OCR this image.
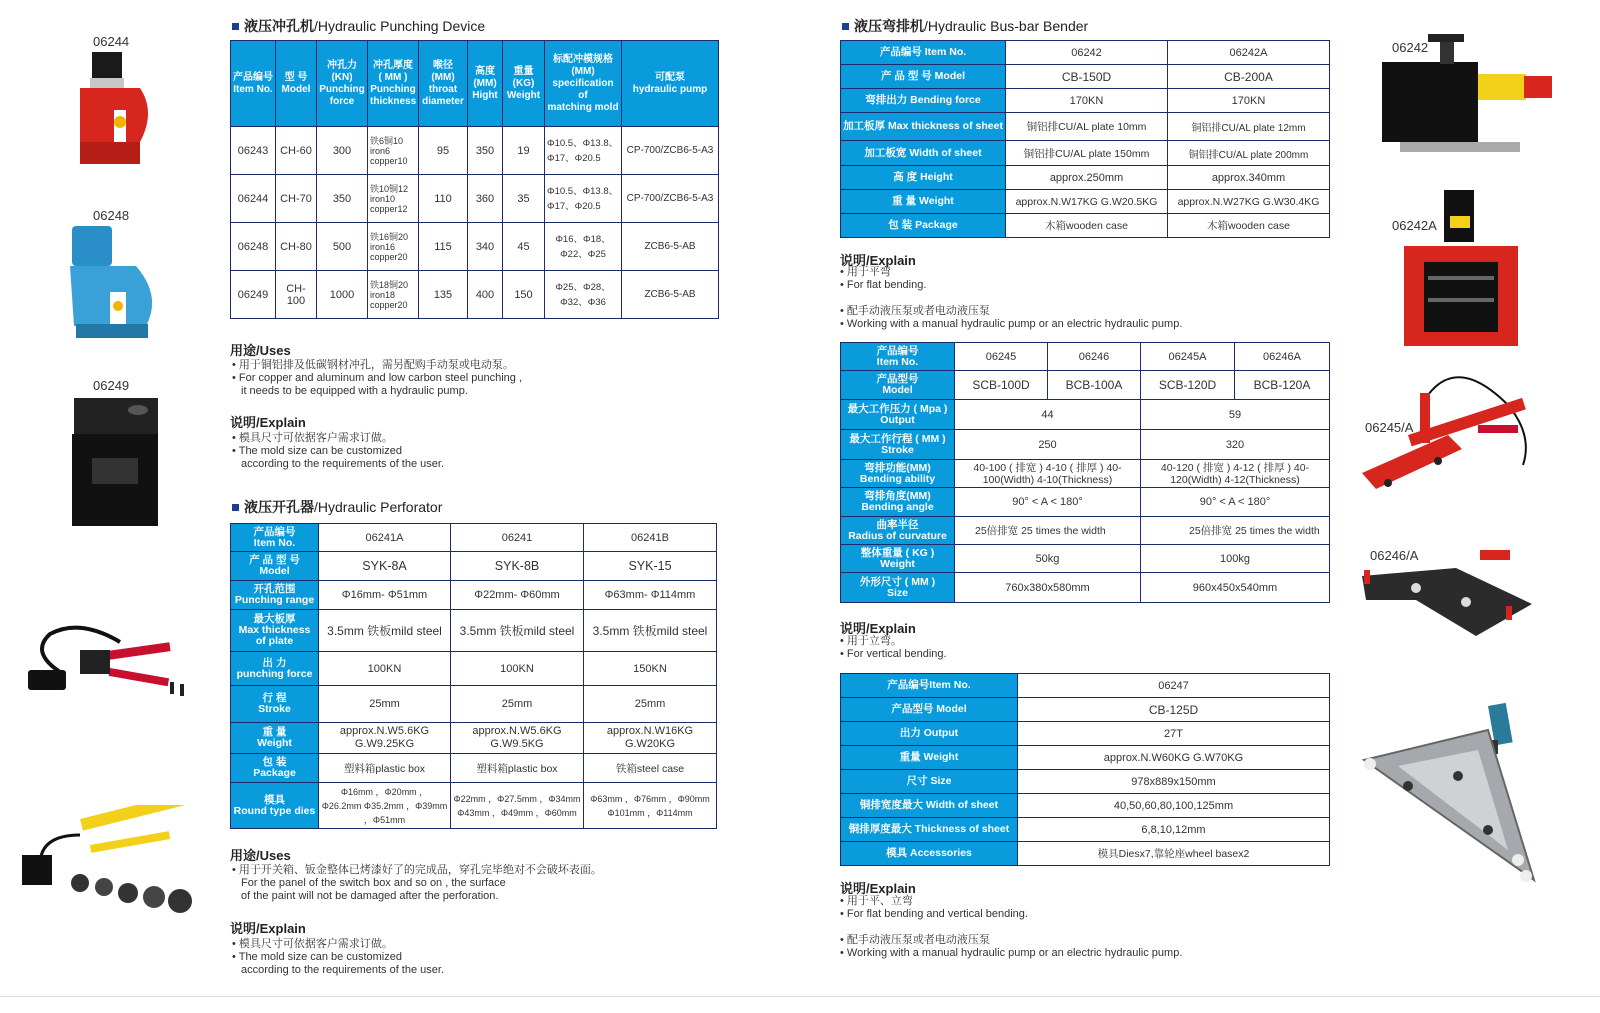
液压冲孔机/Hydraulic Punching Device
产品编号
Item No.	型 号
Model	冲孔力
(KN)
Punching
force	冲孔厚度
( MM )
Punching
thickness	喉径
(MM)
throat
diameter	高度
(MM)
Hight	重量
(KG)
Weight	标配冲模规格
(MM)
specification of
matching mold	可配泵
hydraulic pump
06243	CH-60	300	铁6铜10
iron6
copper10	95	350	19	Φ10.5、Φ13.8、
Φ17、Φ20.5	CP-700/ZCB6-5-A3
06244	CH-70	350	铁10铜12
iron10
copper12	110	360	35	Φ10.5、Φ13.8、
Φ17、Φ20.5	CP-700/ZCB6-5-A3
06248	CH-80	500	铁16铜20
iron16
copper20	115	340	45	Φ16、Φ18、
Φ22、Φ25	ZCB6-5-AB
06249	CH-100	1000	铁18铜20
iron18
copper20	135	400	150	Φ25、Φ28、
Φ32、Φ36	ZCB6-5-AB
用途/Uses
• 用于铜铝排及低碳钢材冲孔，需另配购手动泵或电动泵。
• For copper and aluminum and low carbon steel punching ,
it needs to be equipped with a hydraulic pump.
说明/Explain
• 模具尺寸可依据客户需求订做。
• The mold size can be customized
according to the requirements of the user.
液压开孔器/Hydraulic Perforator
产品编号
Item No.	06241A	06241	06241B
产 品 型 号
Model	SYK-8A	SYK-8B	SYK-15
开孔范围
Punching range	Φ16mm- Φ51mm	Φ22mm- Φ60mm	Φ63mm- Φ114mm
最大板厚
Max thickness of plate	3.5mm 铁板mild steel	3.5mm 铁板mild steel	3.5mm 铁板mild steel
出 力
punching force	100KN	100KN	150KN
行 程
Stroke	25mm	25mm	25mm
重 量
Weight	approx.N.W5.6KG G.W9.25KG	approx.N.W5.6KG G.W9.5KG	approx.N.W16KG G.W20KG
包 装
Package	塑料箱plastic box	塑料箱plastic box	铁箱steel case
模具
Round type dies	Φ16mm ，Φ20mm ，Φ26.2mm Φ35.2mm ，Φ39mm ，Φ51mm	Φ22mm ，Φ27.5mm ，Φ34mm Φ43mm ，Φ49mm ，Φ60mm	Φ63mm ，Φ76mm ，Φ90mm Φ101mm ，Φ114mm
用途/Uses
• 用于开关箱、钣金整体已烤漆好了的完成品，穿孔完毕绝对不会破坏表面。
For the panel of the switch box and so on , the surface
of the paint will not be damaged after the perforation.
说明/Explain
• 模具尺寸可依据客户需求订做。
• The mold size can be customized
according to the requirements of the user.
06244
06248
06249
液压弯排机/Hydraulic Bus-bar Bender
产品编号 Item No.	06242	06242A
产 品 型 号 Model	CB-150D	CB-200A
弯排出力 Bending force	170KN	170KN
加工板厚 Max thickness of sheet	铜铝排CU/AL plate 10mm	铜铝排CU/AL plate 12mm
加工板宽 Width of sheet	铜铝排CU/AL plate 150mm	铜铝排CU/AL plate 200mm
高 度 Height	approx.250mm	approx.340mm
重 量 Weight	approx.N.W17KG G.W20.5KG	approx.N.W27KG G.W30.4KG
包 装 Package	木箱wooden case	木箱wooden case
说明/Explain
• 用于平弯
• For flat bending.
• 配手动液压泵或者电动液压泵
• Working with a manual hydraulic pump or an electric hydraulic pump.
产品编号
Item No.	06245	06246	06245A	06246A
产品型号
Model	SCB-100D	BCB-100A	SCB-120D	BCB-120A
最大工作压力 ( Mpa )
Output	44		59	
最大工作行程 ( MM )
Stroke	250		320	
弯排功能(MM)
Bending ability	40-100 ( 排宽 ) 4-10 ( 排厚 ) 40-100(Width) 4-10(Thickness)		40-120 ( 排宽 ) 4-12 ( 排厚 ) 40-120(Width) 4-12(Thickness)	
弯排角度(MM)
Bending angle	90° < A < 180°		90° < A < 180°	
曲率半径
Radius of curvature	25倍排宽 25 times the width		25倍排宽 25 times the width	
整体重量 ( KG )
Weight	50kg		100kg	
外形尺寸 ( MM )
Size	760x380x580mm		960x450x540mm	
说明/Explain
• 用于立弯。
• For vertical bending.
产品编号Item No.	06247
产品型号 Model	CB-125D
出力 Output	27T
重量 Weight	approx.N.W60KG G.W70KG
尺寸 Size	978x889x150mm
铜排宽度最大 Width of sheet	40,50,60,80,100,125mm
铜排厚度最大 Thickness of sheet	6,8,10,12mm
模具 Accessories	模具Diesx7,靠轮座wheel basex2
说明/Explain
• 用于平、立弯
• For flat bending and vertical bending.
• 配手动液压泵或者电动液压泵
• Working with a manual hydraulic pump or an electric hydraulic pump.
06242
06242A
06245/A
06246/A
